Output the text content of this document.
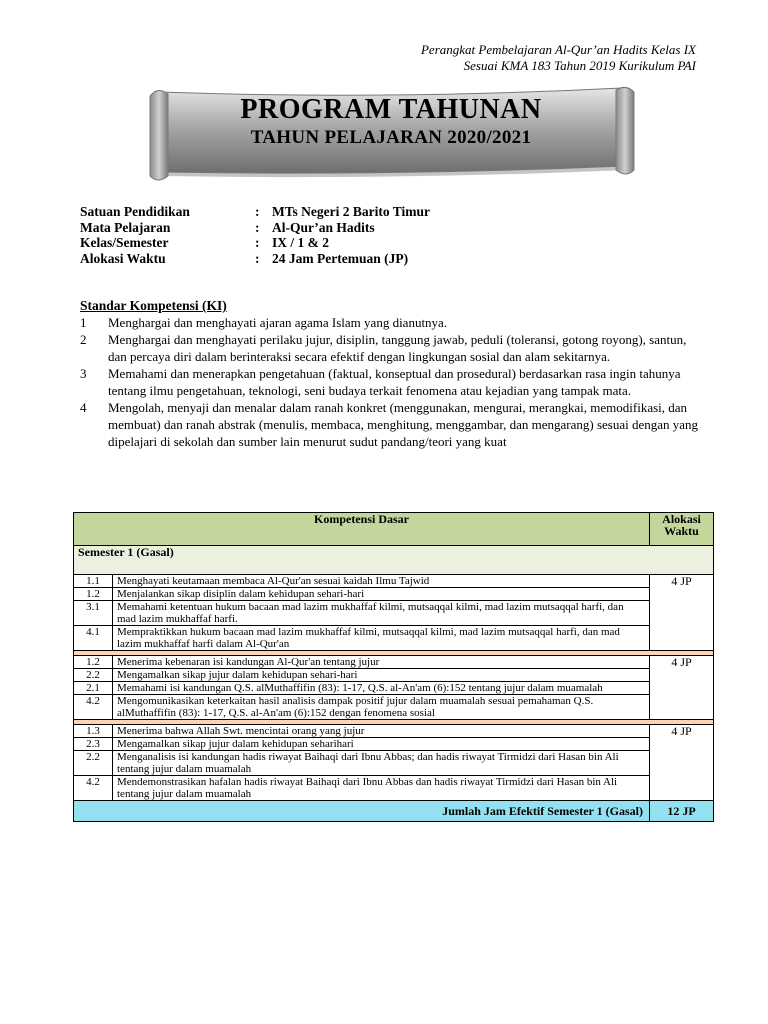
Perangkat Pembelajaran Al-Qur’an Hadits Kelas IX
Sesuai KMA 183 Tahun 2019 Kurikulum PAI
PROGRAM TAHUNAN
TAHUN PELAJARAN 2020/2021
Satuan Pendidikan	: MTs Negeri 2 Barito Timur
Mata Pelajaran	: Al-Qur’an Hadits
Kelas/Semester	: IX / 1 & 2
Alokasi Waktu	: 24 Jam Pertemuan (JP)
Standar Kompetensi (KI)
1	Menghargai dan menghayati ajaran agama Islam yang dianutnya.
2	Menghargai dan menghayati perilaku jujur, disiplin, tanggung jawab, peduli (toleransi, gotong royong), santun, dan percaya diri dalam berinteraksi secara efektif dengan lingkungan sosial dan alam sekitarnya.
3	Memahami dan menerapkan pengetahuan (faktual, konseptual dan prosedural) berdasarkan rasa ingin tahunya tentang ilmu pengetahuan, teknologi, seni budaya terkait fenomena atau kejadian yang tampak mata.
4	Mengolah, menyaji dan menalar dalam ranah konkret (menggunakan, mengurai, merangkai, memodifikasi, dan membuat) dan ranah abstrak (menulis, membaca, menghitung, menggambar, dan mengarang) sesuai dengan yang dipelajari di sekolah dan sumber lain menurut sudut pandang/teori yang kuat
Kompetensi Dasar		Alokasi Waktu
Semester 1 (Gasal)		
1.1	Menghayati keutamaan membaca Al-Qur'an sesuai kaidah Ilmu Tajwid	4 JP
1.2	Menjalankan sikap disiplin dalam kehidupan sehari-hari	
3.1	Memahami ketentuan hukum bacaan mad lazim mukhaffaf kilmi, mutsaqqal kilmi, mad lazim mutsaqqal harfi, dan mad lazim mukhaffaf harfi.	
4.1	Mempraktikkan hukum bacaan mad lazim mukhaffaf kilmi, mutsaqqal kilmi, mad lazim mutsaqqal harfi, dan mad lazim mukhaffaf harfi dalam Al-Qur'an	

1.2	Menerima kebenaran isi kandungan Al-Qur'an tentang jujur	4 JP
2.2	Mengamalkan sikap jujur dalam kehidupan sehari-hari	
2.1	Memahami isi kandungan Q.S. alMuthaffifin (83): 1-17, Q.S. al-An'am (6):152 tentang jujur dalam muamalah	
4.2	Mengomunikasikan keterkaitan hasil analisis dampak positif jujur dalam muamalah sesuai pemahaman Q.S. alMuthaffifin (83): 1-17, Q.S. al-An'am (6):152 dengan fenomena sosial	

1.3	Menerima bahwa Allah Swt. mencintai orang yang jujur	4 JP
2.3	Mengamalkan sikap jujur dalam kehidupan seharihari	
2.2	Menganalisis isi kandungan hadis riwayat Baihaqi dari Ibnu Abbas; dan hadis riwayat Tirmidzi dari Hasan bin Ali tentang jujur dalam muamalah	
4.2	Mendemonstrasikan hafalan hadis riwayat Baihaqi dari Ibnu Abbas dan hadis riwayat Tirmidzi dari Hasan bin Ali tentang jujur dalam muamalah	
Jumlah Jam Efektif Semester 1 (Gasal)		12 JP
